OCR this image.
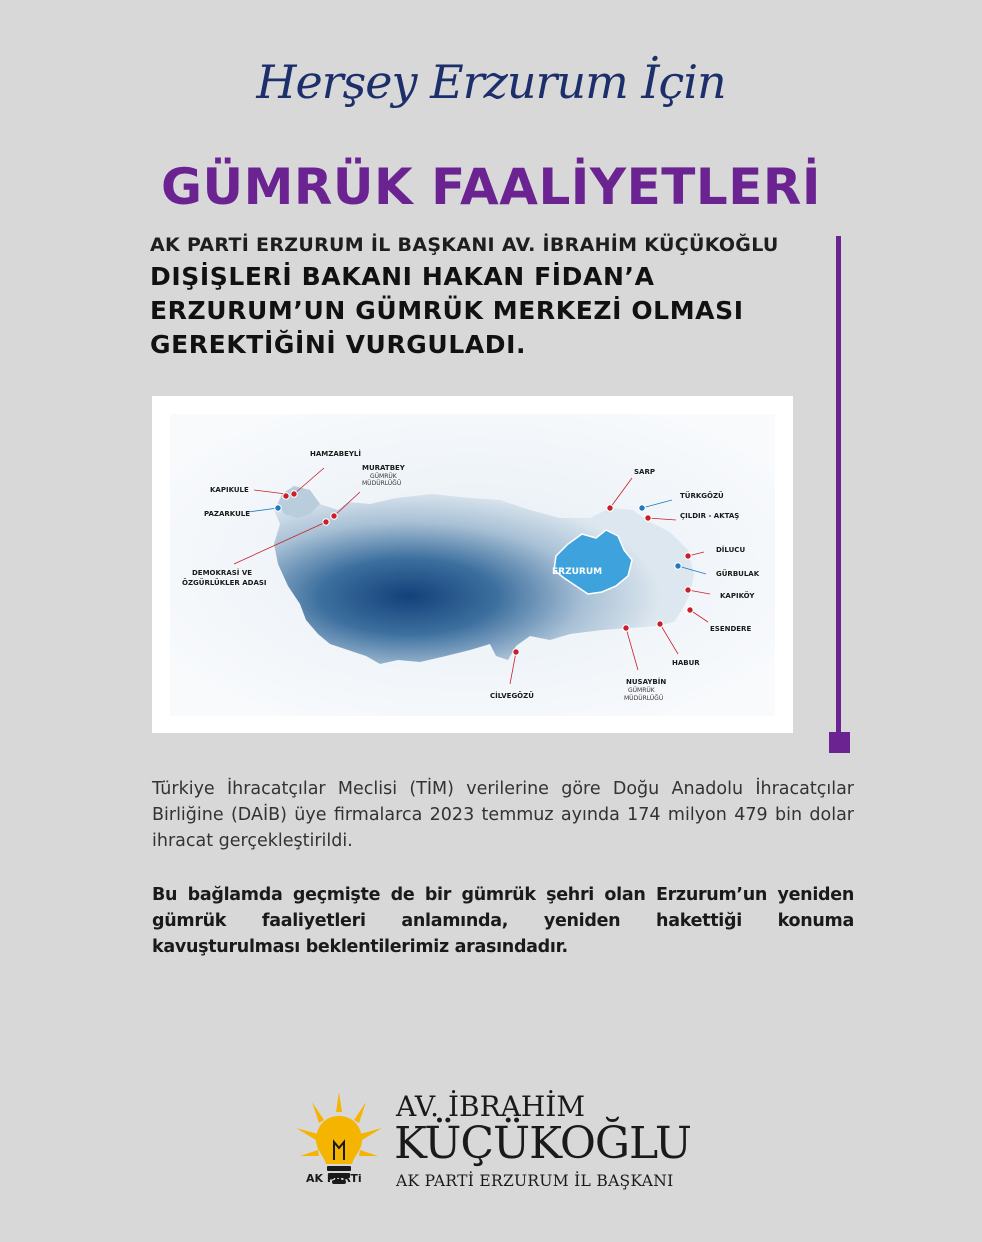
Herşey Erzurum İçin
GÜMRÜK FAALİYETLERİ
AK PARTİ ERZURUM İL BAŞKANI AV. İBRAHİM KÜÇÜKOĞLU
DIŞİŞLERİ BAKANI HAKAN FİDAN’A
ERZURUM’UN GÜMRÜK MERKEZİ OLMASI
GEREKTİĞİNİ VURGULADI.
ERZURUM
HAMZABEYLİ
KAPIKULE
PAZARKULE
MURATBEY
GÜMRÜK
MÜDÜRLÜĞÜ
DEMOKRASİ VE
ÖZGÜRLÜKLER ADASI
SARP
TÜRKGÖZÜ
ÇILDIR - AKTAŞ
DİLUCU
GÜRBULAK
KAPIKÖY
ESENDERE
HABUR
NUSAYBİN
GÜMRÜK
MÜDÜRLÜĞÜ
CİLVEGÖZÜ
Türkiye İhracatçılar Meclisi (TİM) verilerine göre Doğu Anadolu İhracatçılar Birliğine (DAİB) üye firmalarca 2023 temmuz ayında 174 milyon 479 bin dolar ihracat gerçekleştirildi.
Bu bağlamda geçmişte de bir gümrük şehri olan Erzurum’un yeniden gümrük faaliyetleri anlamında, yeniden hakettiği konuma kavuşturulması beklentilerimiz arasındadır.
AK PARTi
AV. İBRAHİM
KÜÇÜKOĞLU
AK PARTİ ERZURUM İL BAŞKANI
